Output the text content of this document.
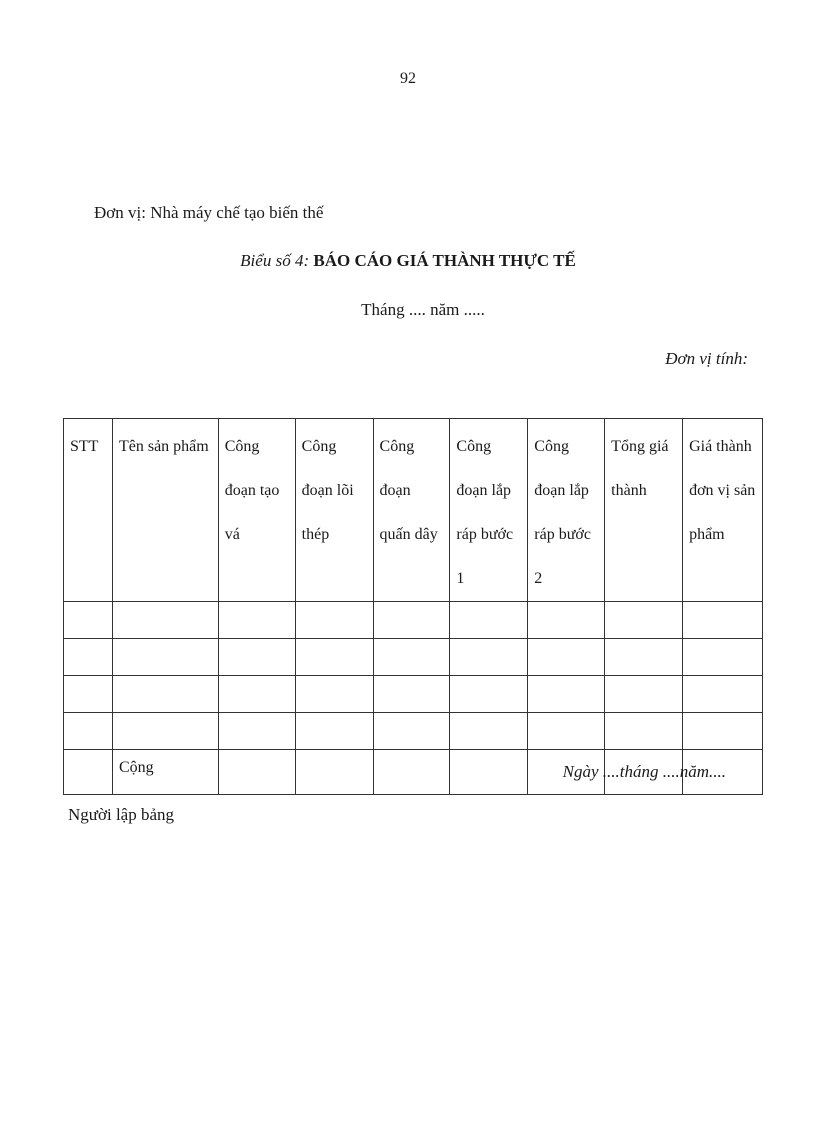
92
Đơn vị: Nhà máy chế tạo biến thế
Biểu số 4: BÁO CÁO GIÁ THÀNH THỰC TẾ
Tháng .... năm .....
Đơn vị tính:
STT	Tên sản phẩm	Công đoạn tạo vá	Công đoạn lõi thép	Công đoạn quấn dây	Công đoạn lắp ráp bước 1	Công đoạn lắp ráp bước 2	Tổng giá thành	Giá thành đơn vị sản phẩm

	Cộng								Ngày ....tháng ....năm....
Người lập bảng
